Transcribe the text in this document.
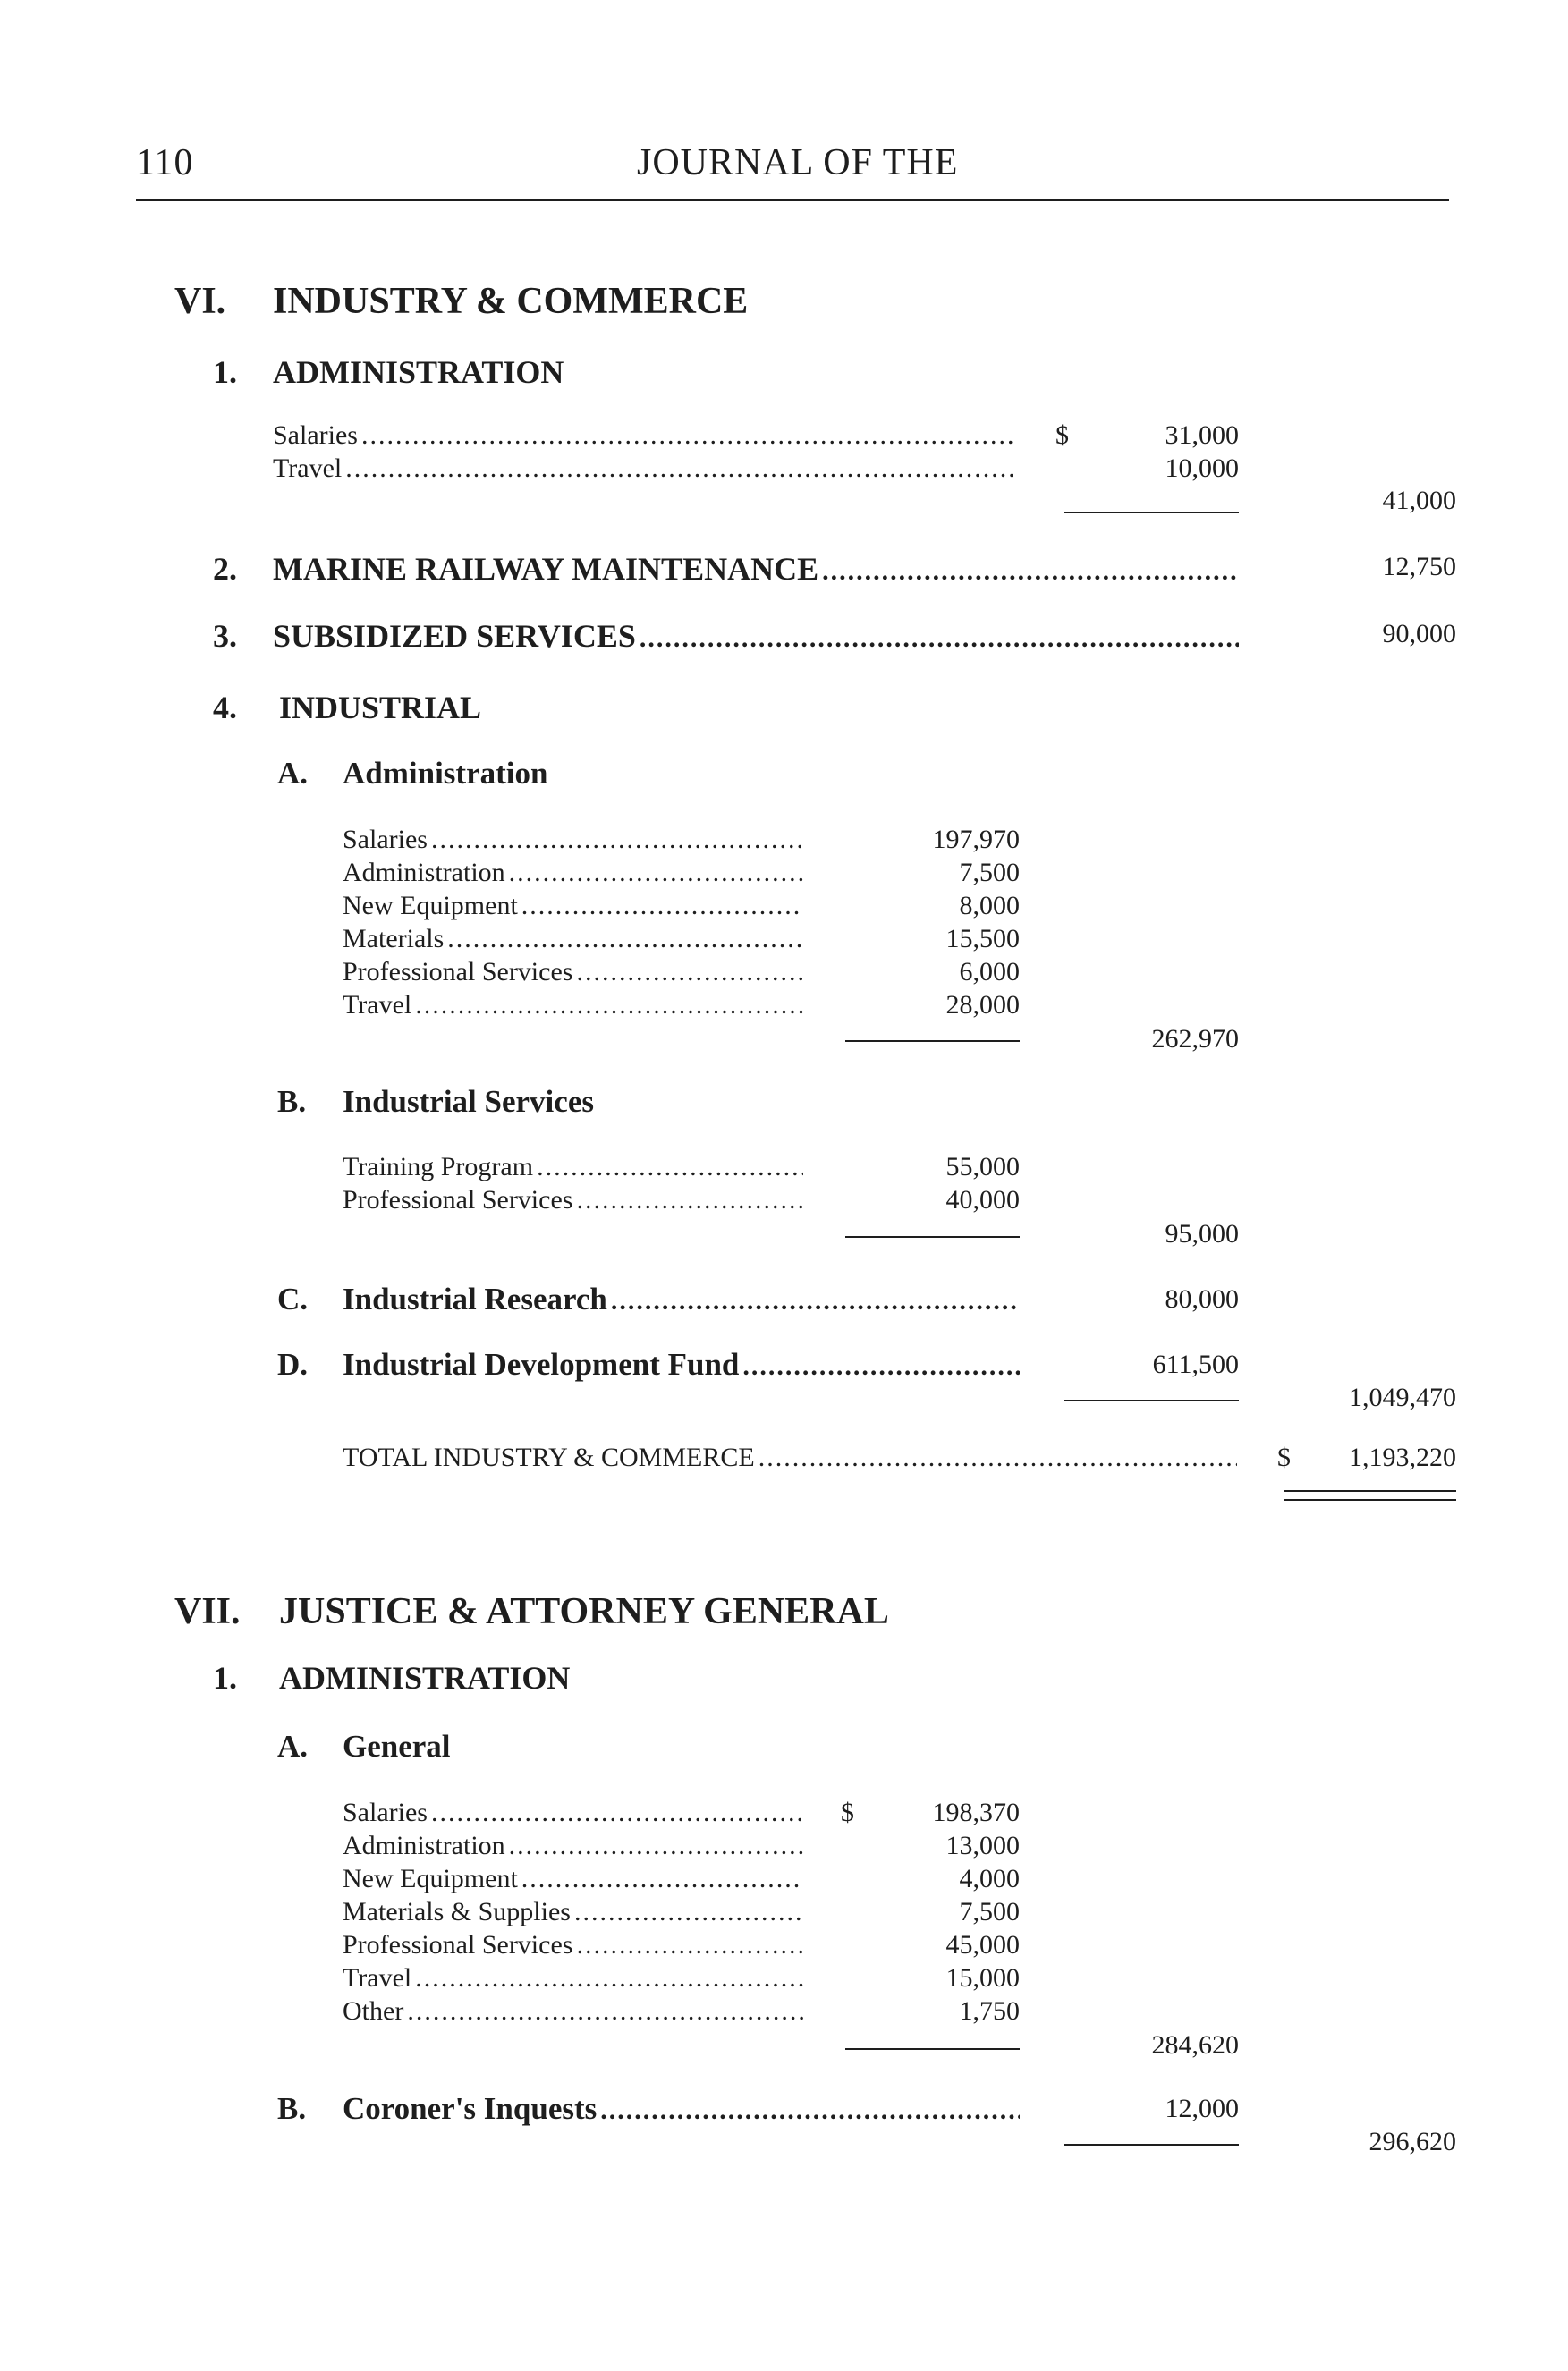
110	JOURNAL OF THE
VI. INDUSTRY & COMMERCE
1. ADMINISTRATION
Salaries .....	$	31,000
Travel .....	10,000
41,000
2. MARINE RAILWAY MAINTENANCE .....	12,750
3. SUBSIDIZED SERVICES .....	90,000
4. INDUSTRIAL
A. Administration
Salaries .....	197,970
Administration .....	7,500
New Equipment .....	8,000
Materials .....	15,500
Professional Services .....	6,000
Travel .....	28,000
262,970
B. Industrial Services
Training Program .....	55,000
Professional Services .....	40,000
95,000
C. Industrial Research .....	80,000
D. Industrial Development Fund .....	611,500
1,049,470
TOTAL INDUSTRY & COMMERCE .....	$	1,193,220
VII. JUSTICE & ATTORNEY GENERAL
1. ADMINISTRATION
A. General
Salaries .....	$	198,370
Administration .....	13,000
New Equipment .....	4,000
Materials & Supplies .....	7,500
Professional Services .....	45,000
Travel .....	15,000
Other .....	1,750
284,620
B. Coroner's Inquests .....	12,000
296,620
